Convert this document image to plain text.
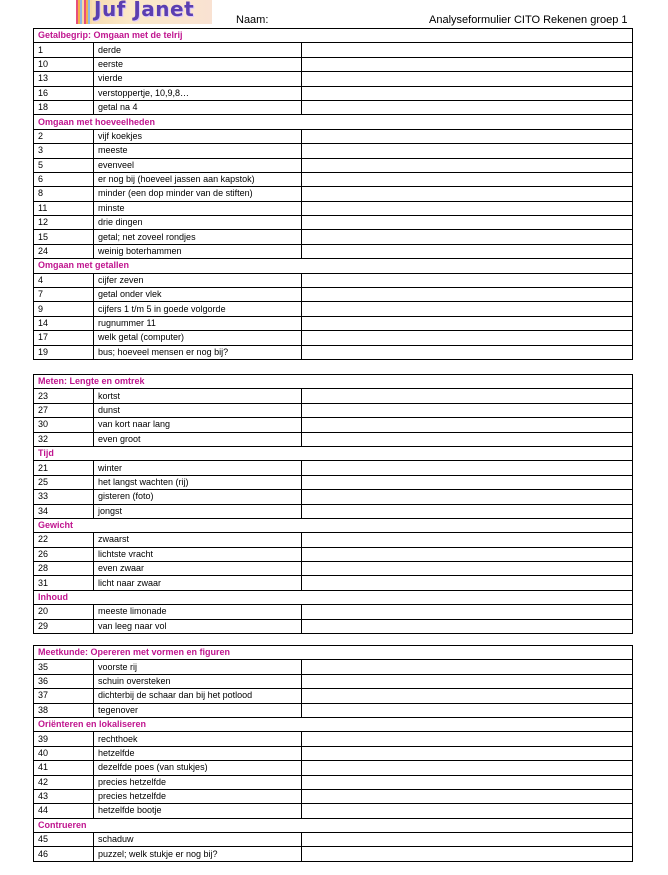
Juf Janet	Naam:	Analyseformulier CITO Rekenen groep 1
Getalbegrip: Omgaan met de telrij		
1	derde	
10	eerste	
13	vierde	
16	verstoppertje, 10,9,8…	
18	getal na 4	
Omgaan met hoeveelheden		
2	vijf koekjes	
3	meeste	
5	evenveel	
6	er nog bij (hoeveel jassen aan kapstok)	
8	minder (een dop minder van de stiften)	
11	minste	
12	drie dingen	
15	getal; net zoveel rondjes	
24	weinig boterhammen	
Omgaan met getallen		
4	cijfer zeven	
7	getal onder vlek	
9	cijfers 1 t/m 5 in goede volgorde	
14	rugnummer 11	
17	welk getal (computer)	
19	bus; hoeveel mensen er nog bij?	
Meten: Lengte en omtrek		
23	kortst	
27	dunst	
30	van kort naar lang	
32	even groot	
Tijd		
21	winter	
25	het langst wachten (rij)	
33	gisteren (foto)	
34	jongst	
Gewicht		
22	zwaarst	
26	lichtste vracht	
28	even zwaar	
31	licht naar zwaar	
Inhoud		
20	meeste limonade	
29	van leeg naar vol	
Meetkunde: Opereren met vormen en figuren		
35	voorste rij	
36	schuin oversteken	
37	dichterbij de schaar dan bij het potlood	
38	tegenover	
Oriënteren en lokaliseren		
39	rechthoek	
40	hetzelfde	
41	dezelfde poes (van stukjes)	
42	precies hetzelfde	
43	precies hetzelfde	
44	hetzelfde bootje	
Contrueren		
45	schaduw	
46	puzzel; welk stukje er nog bij?	
